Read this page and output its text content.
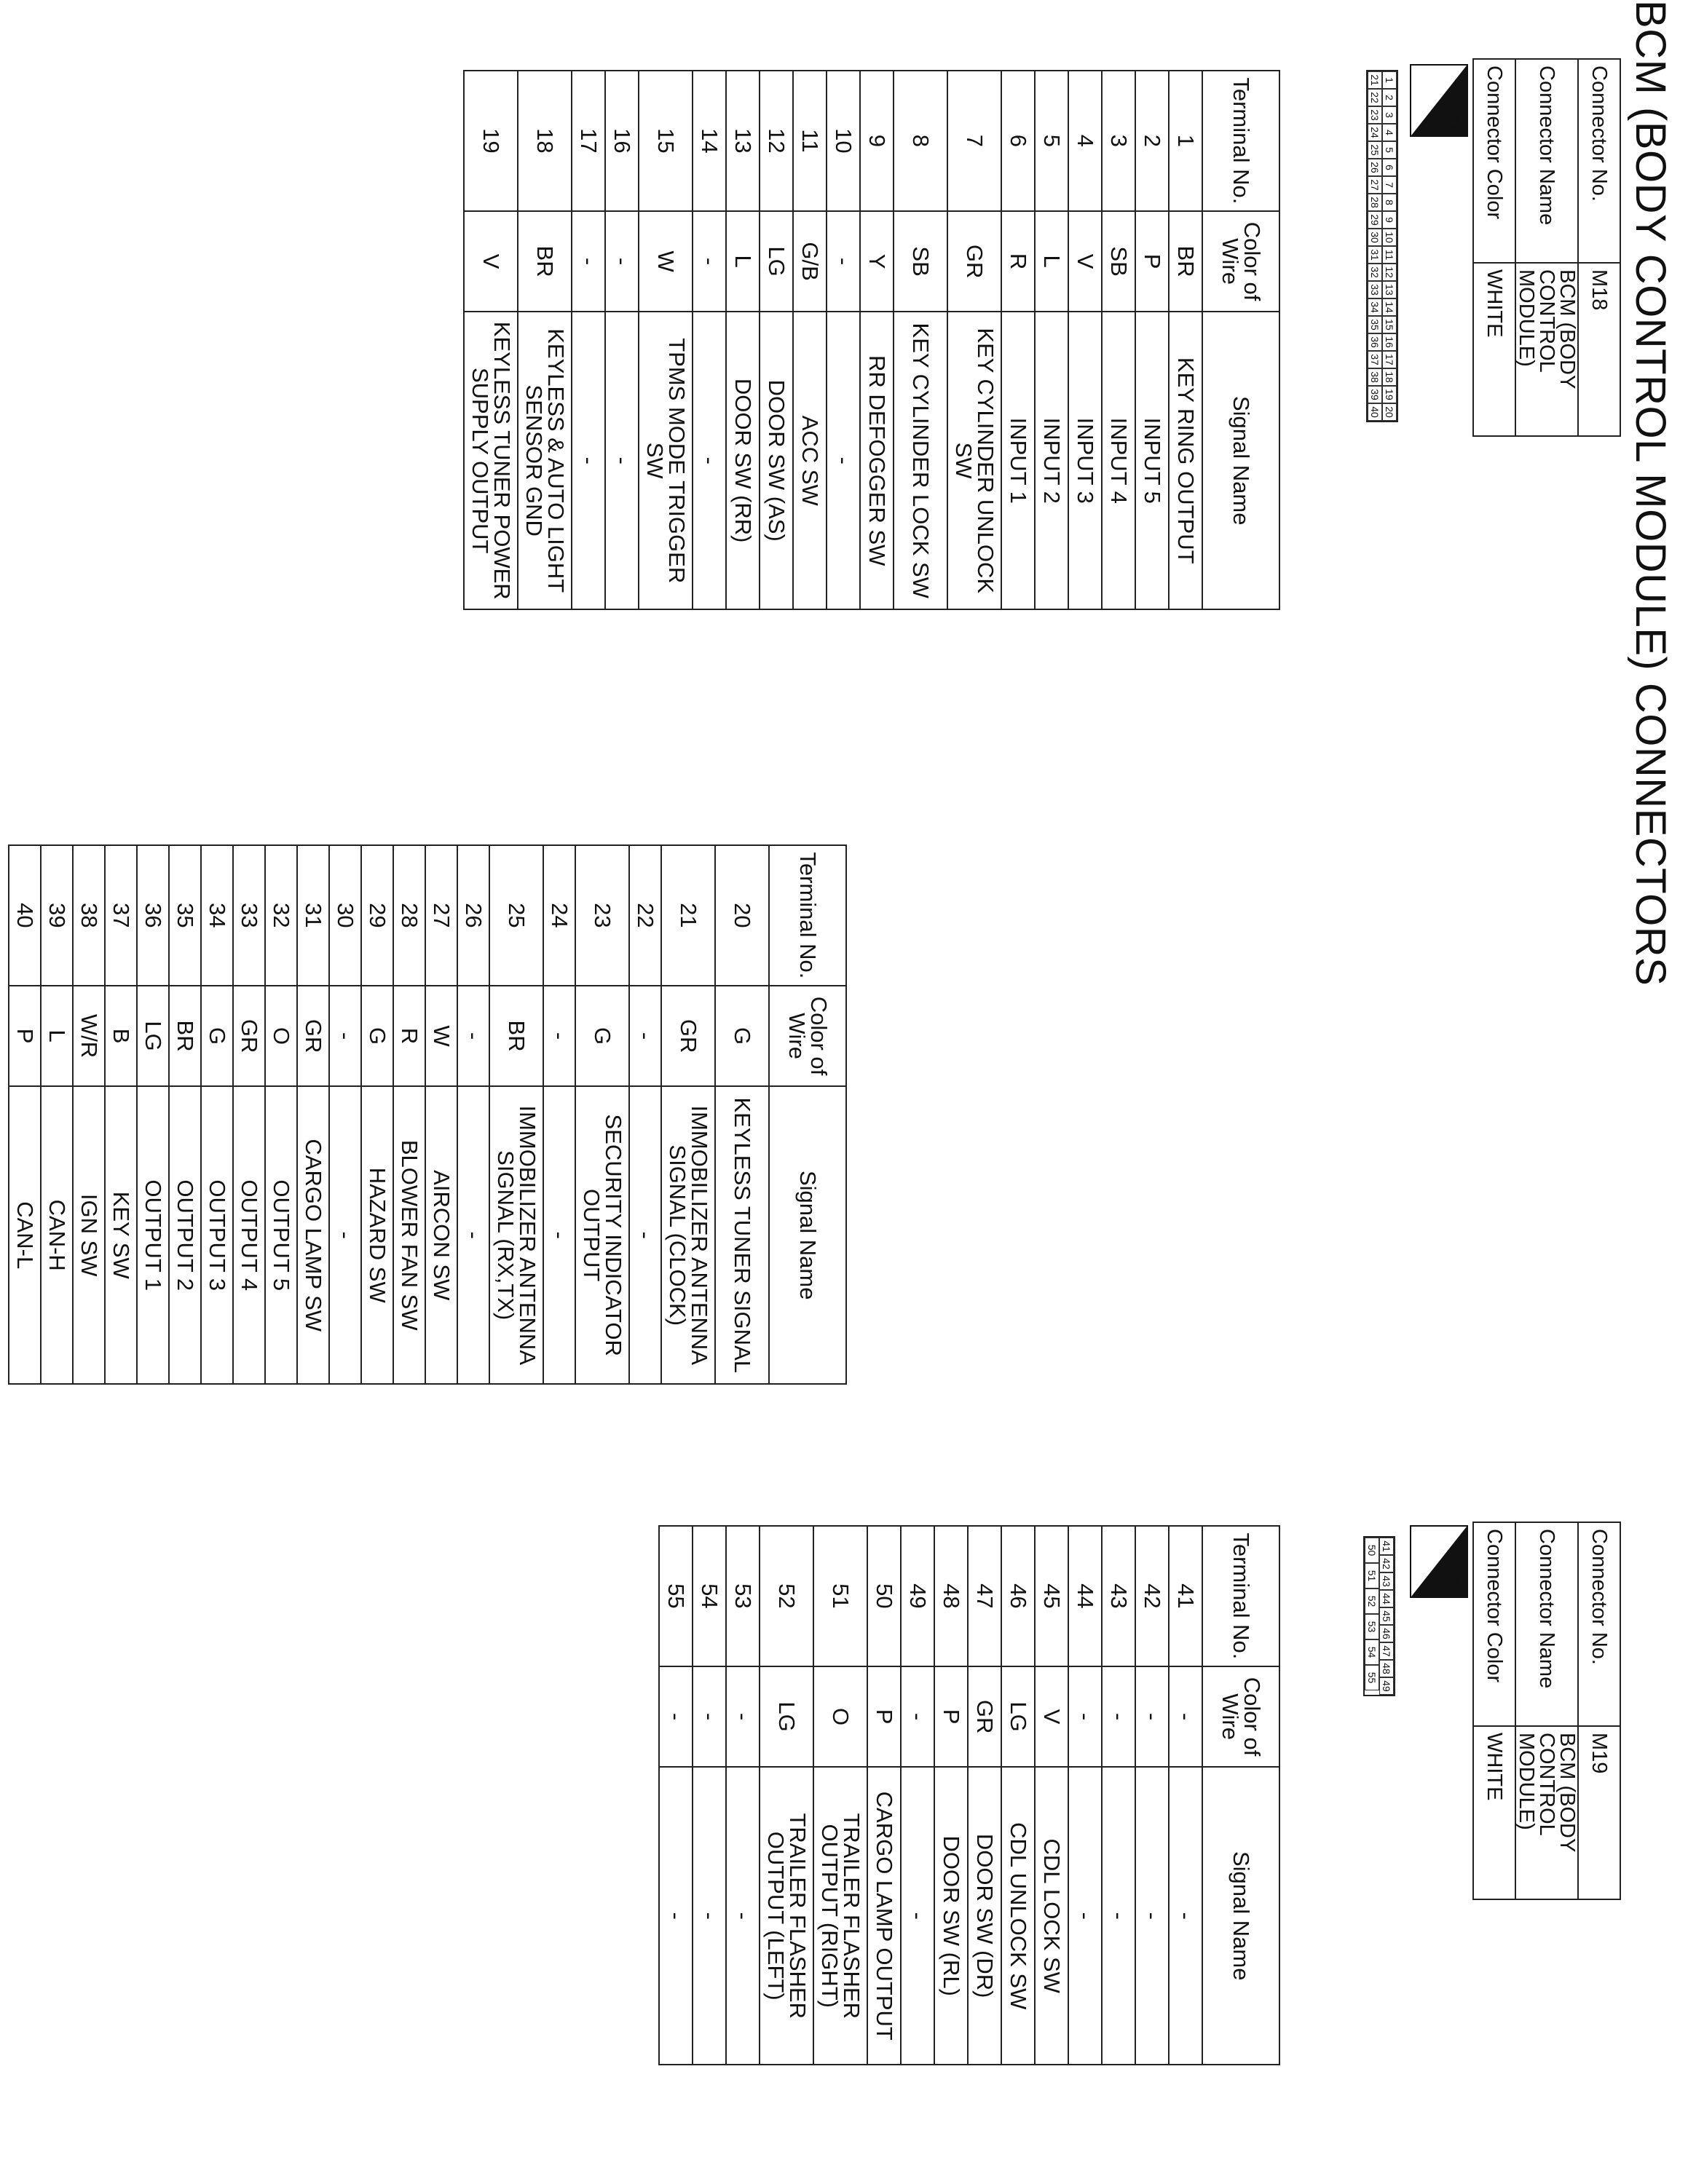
BCM (BODY CONTROL MODULE) CONNECTORS
Connector No.	M18
Connector Name	BCM (BODY CONTROL MODULE)
Connector Color	WHITE
▣
H.S.
1
2
3
4
5
6
7
8
9
10
11
12
13
14
15
16
17
18
19
20
21
22
23
24
25
26
27
28
29
30
31
32
33
34
35
36
37
38
39
40
Terminal No.	Color of Wire	Signal Name
1	BR	KEY RING OUTPUT
2	P	INPUT 5
3	SB	INPUT 4
4	V	INPUT 3
5	L	INPUT 2
6	R	INPUT 1
7	GR	KEY CYLINDER UNLOCK SW
8	SB	KEY CYLINDER LOCK SW
9	Y	RR DEFOGGER SW
10	-	-
11	G/B	ACC SW
12	LG	DOOR SW (AS)
13	L	DOOR SW (RR)
14	-	-
15	W	TPMS MODE TRIGGER SW
16	-	-
17	-	-
18	BR	KEYLESS & AUTO LIGHT SENSOR GND
19	V	KEYLESS TUNER POWER SUPPLY OUTPUT
Terminal No.	Color of Wire	Signal Name
20	G	KEYLESS TUNER SIGNAL
21	GR	IMMOBILIZER ANTENNA SIGNAL (CLOCK)
22	-	-
23	G	SECURITY INDICATOR OUTPUT
24	-	-
25	BR	IMMOBILIZER ANTENNA SIGNAL (RX,TX)
26	-	-
27	W	AIRCON SW
28	R	BLOWER FAN SW
29	G	HAZARD SW
30	-	-
31	GR	CARGO LAMP SW
32	O	OUTPUT 5
33	GR	OUTPUT 4
34	G	OUTPUT 3
35	BR	OUTPUT 2
36	LG	OUTPUT 1
37	B	KEY SW
38	W/R	IGN SW
39	L	CAN-H
40	P	CAN-L
Connector No.	M19
Connector Name	BCM (BODY CONTROL MODULE)
Connector Color	WHITE
▣
H.S.
41
42
43
44
45
46
47
48
49
50
51
52
53
54
55
Terminal No.	Color of Wire	Signal Name
41	-	-
42	-	-
43	-	-
44	-	-
45	V	CDL LOCK SW
46	LG	CDL UNLOCK SW
47	GR	DOOR SW (DR)
48	P	DOOR SW (RL)
49	-	-
50	P	CARGO LAMP OUTPUT
51	O	TRAILER FLASHER OUTPUT (RIGHT)
52	LG	TRAILER FLASHER OUTPUT (LEFT)
53	-	-
54	-	-
55	-	-
